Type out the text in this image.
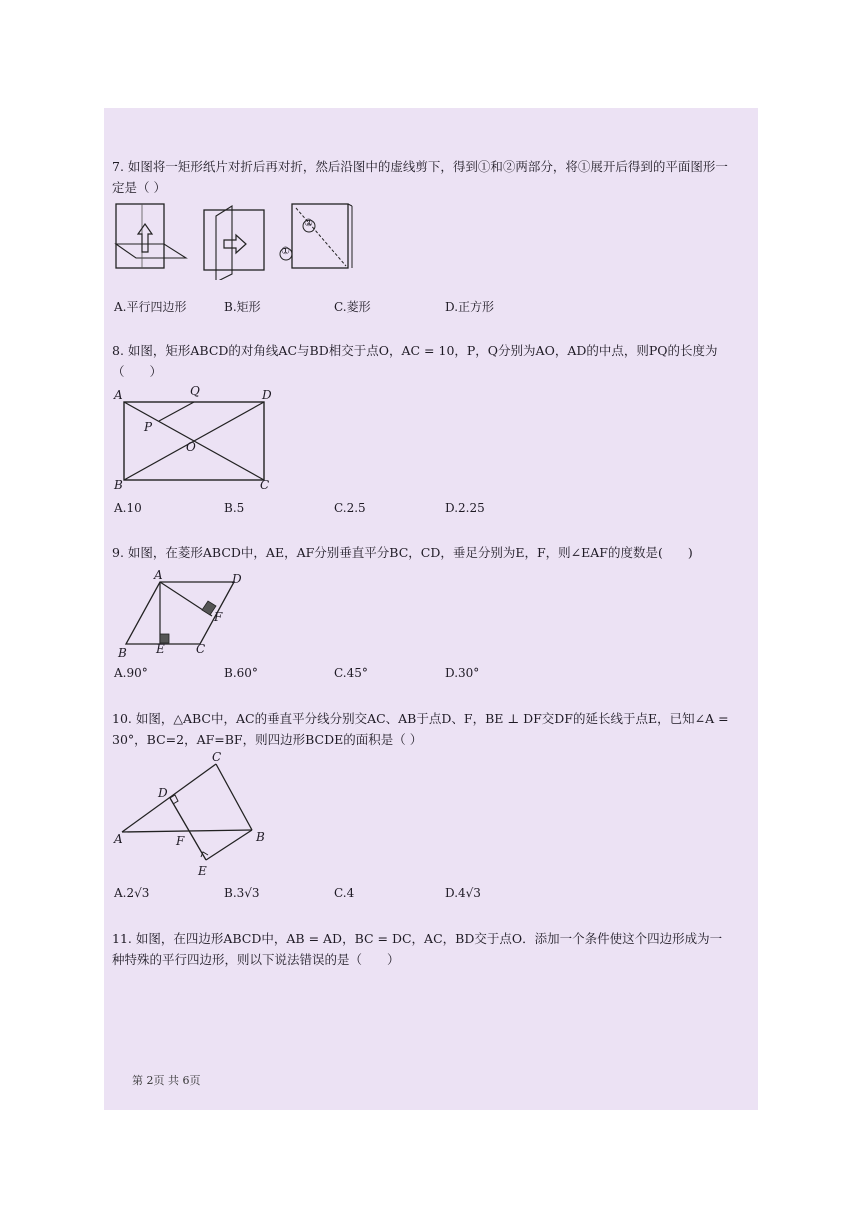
7. 如图将一矩形纸片对折后再对折，然后沿图中的虚线剪下，得到①和②两部分，将①展开后得到的平面图形一定是（ ）
②
①
A.平行四边形	B.矩形	C.菱形	D.正方形
8. 如图，矩形ABCD的对角线AC与BD相交于点O，AC = 10，P，Q分别为AO，AD的中点，则PQ的长度为（　　）
A	Q	D
P
O
B	C
A.10	B.5	C.2.5	D.2.25
9. 如图，在菱形ABCD中，AE，AF分别垂直平分BC，CD，垂足分别为E，F，则∠EAF的度数是(　　)
A	D
F
B E	C
A.90°	B.60°	C.45°	D.30°
10. 如图，△ABC中，AC的垂直平分线分别交AC、AB于点D、F，BE ⊥ DF交DF的延长线于点E，已知∠A = 30°，BC=2，AF=BF，则四边形BCDE的面积是（ ）
C
D
A	F	B
E
A.2√3	B.3√3	C.4	D.4√3
11. 如图，在四边形ABCD中，AB = AD，BC = DC，AC，BD交于点O．添加一个条件使这个四边形成为一种特殊的平行四边形，则以下说法错误的是（　　）
第 2页 共 6页
